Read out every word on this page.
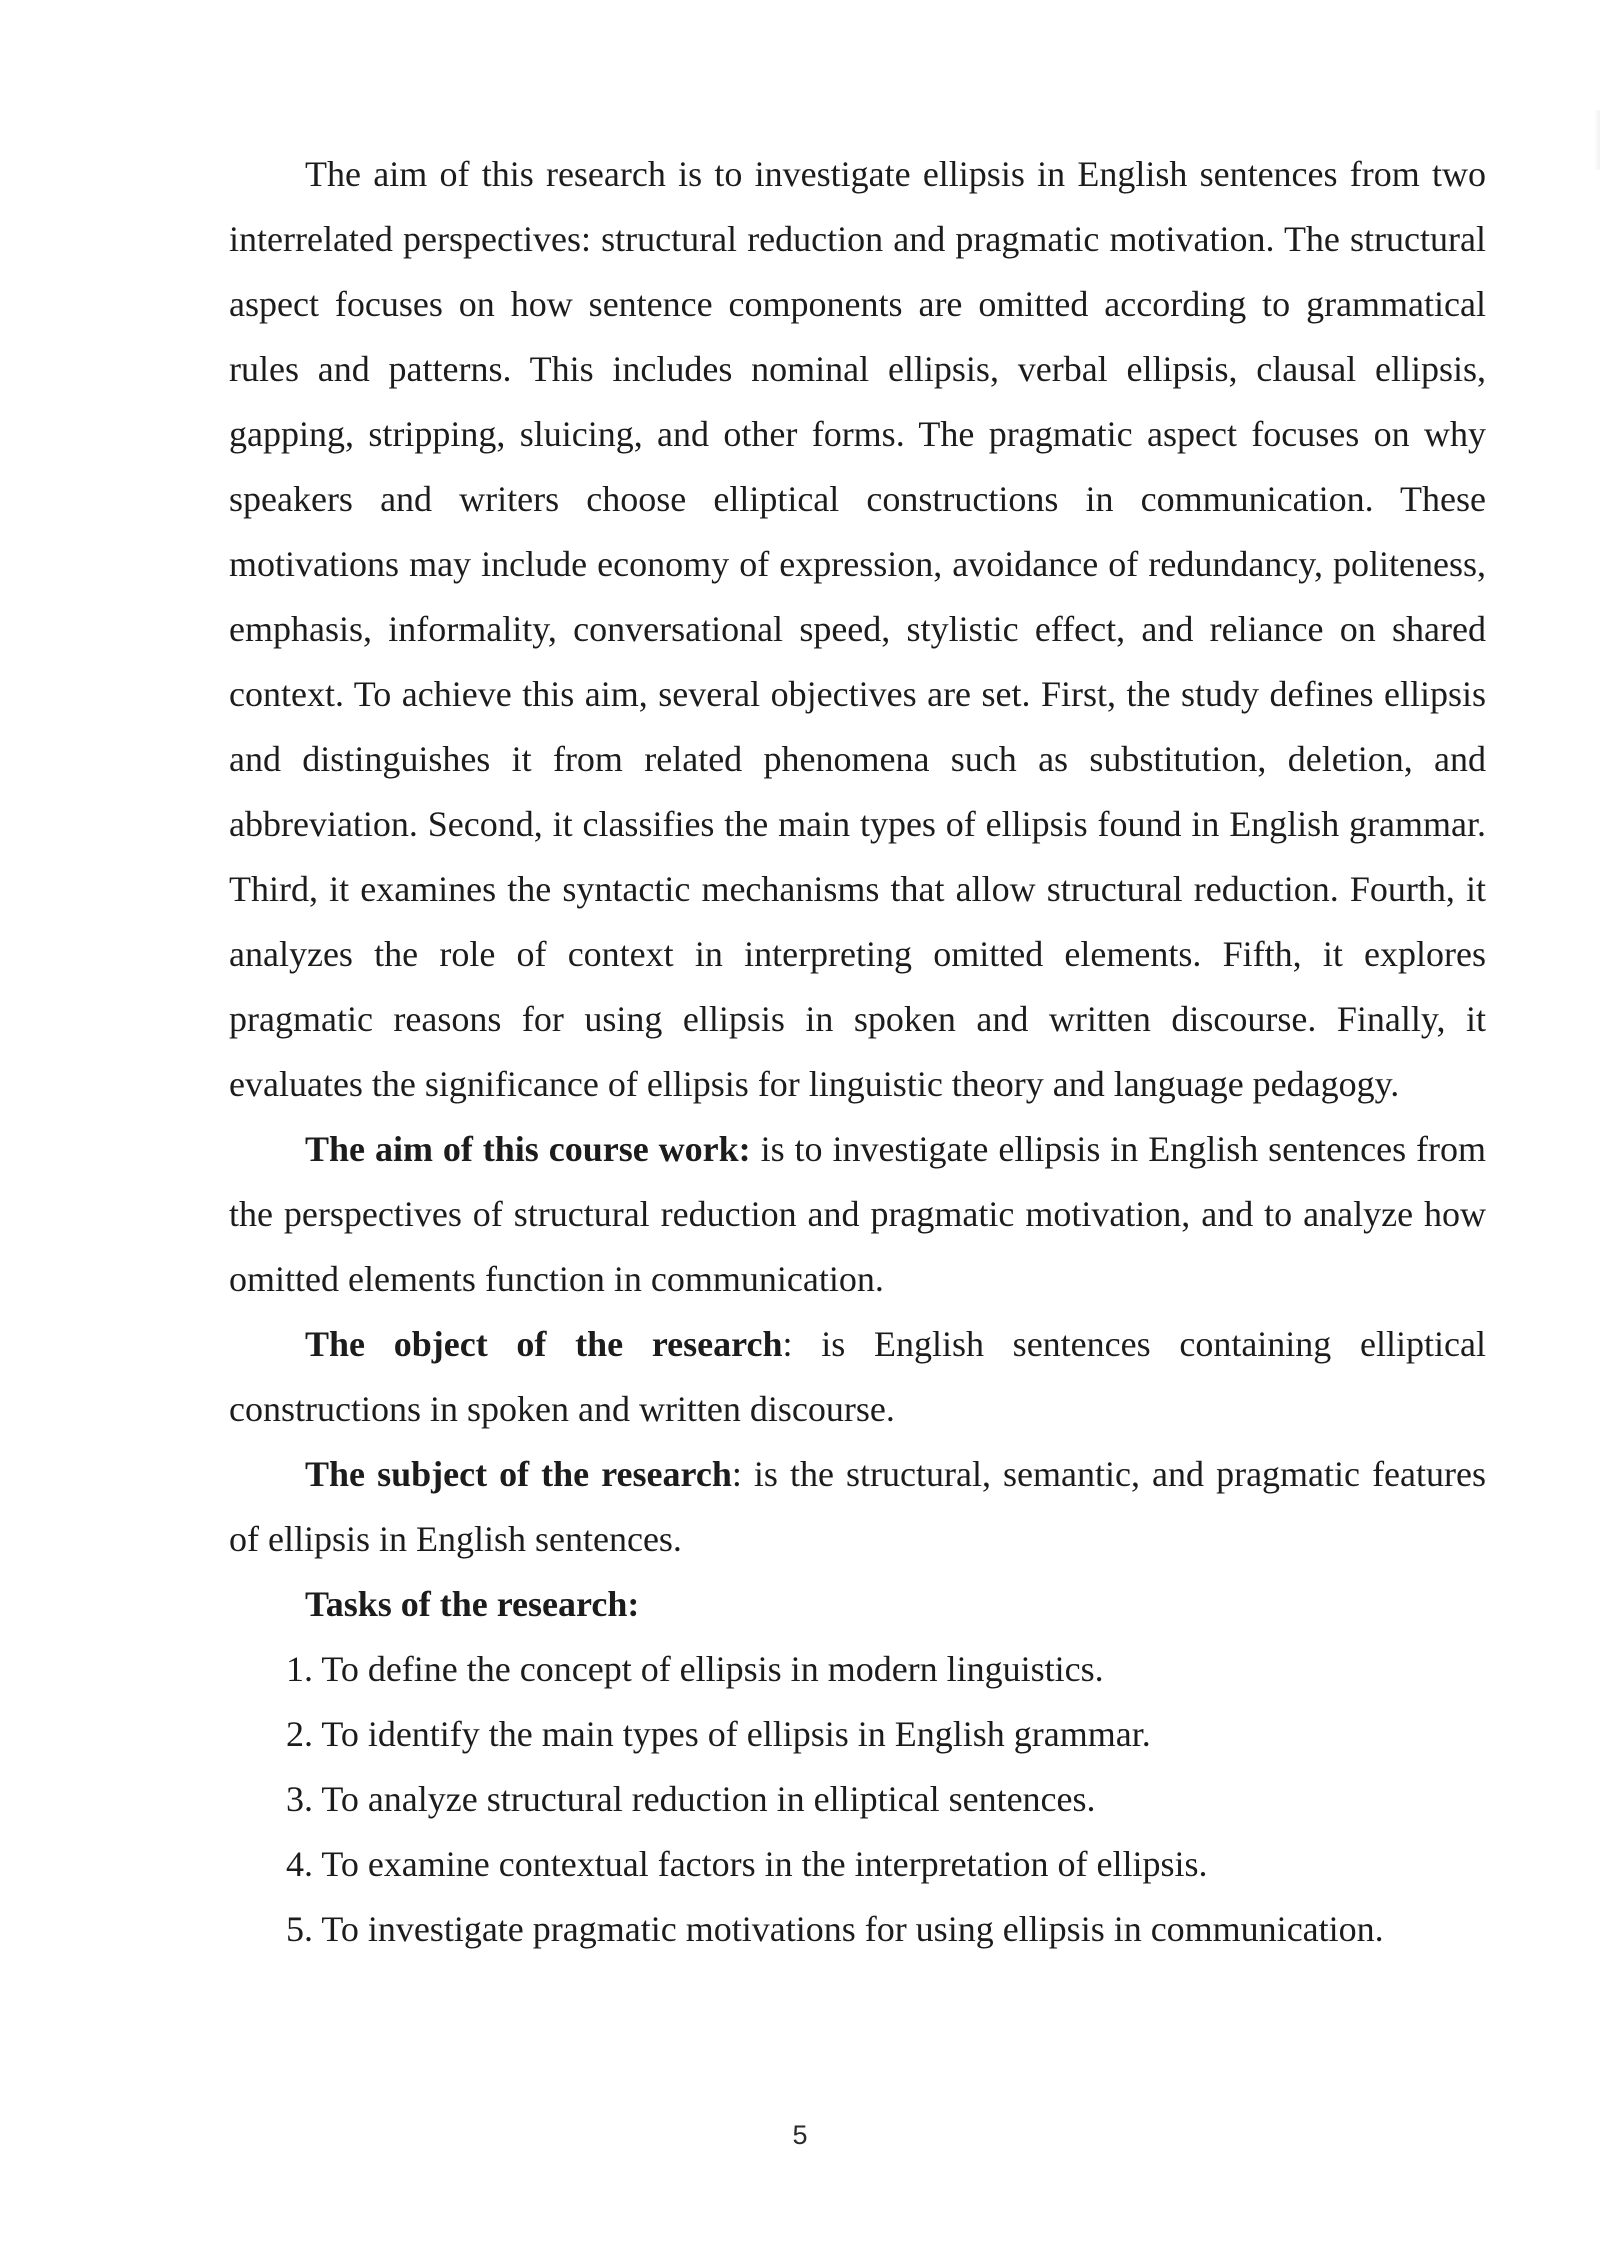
The aim of this research is to investigate ellipsis in English sentences from two interrelated perspectives: structural reduction and pragmatic motivation. The structural aspect focuses on how sentence components are omitted according to grammatical rules and patterns. This includes nominal ellipsis, verbal ellipsis, clausal ellipsis, gapping, stripping, sluicing, and other forms. The pragmatic aspect focuses on why speakers and writers choose elliptical constructions in communication. These motivations may include economy of expression, avoidance of redundancy, politeness, emphasis, informality, conversational speed, stylistic effect, and reliance on shared context. To achieve this aim, several objectives are set. First, the study defines ellipsis and distinguishes it from related phenomena such as substitution, deletion, and abbreviation. Second, it classifies the main types of ellipsis found in English grammar. Third, it examines the syntactic mechanisms that allow structural reduction. Fourth, it analyzes the role of context in interpreting omitted elements. Fifth, it explores pragmatic reasons for using ellipsis in spoken and written discourse. Finally, it evaluates the significance of ellipsis for linguistic theory and language pedagogy.

The aim of this course work: is to investigate ellipsis in English sentences from the perspectives of structural reduction and pragmatic motivation, and to analyze how omitted elements function in communication.

The object of the research: is English sentences containing elliptical constructions in spoken and written discourse.

The subject of the research: is the structural, semantic, and pragmatic features of ellipsis in English sentences.

Tasks of the research:

1. To define the concept of ellipsis in modern linguistics.
2. To identify the main types of ellipsis in English grammar.
3. To analyze structural reduction in elliptical sentences.
4. To examine contextual factors in the interpretation of ellipsis.
5. To investigate pragmatic motivations for using ellipsis in communication.
5
